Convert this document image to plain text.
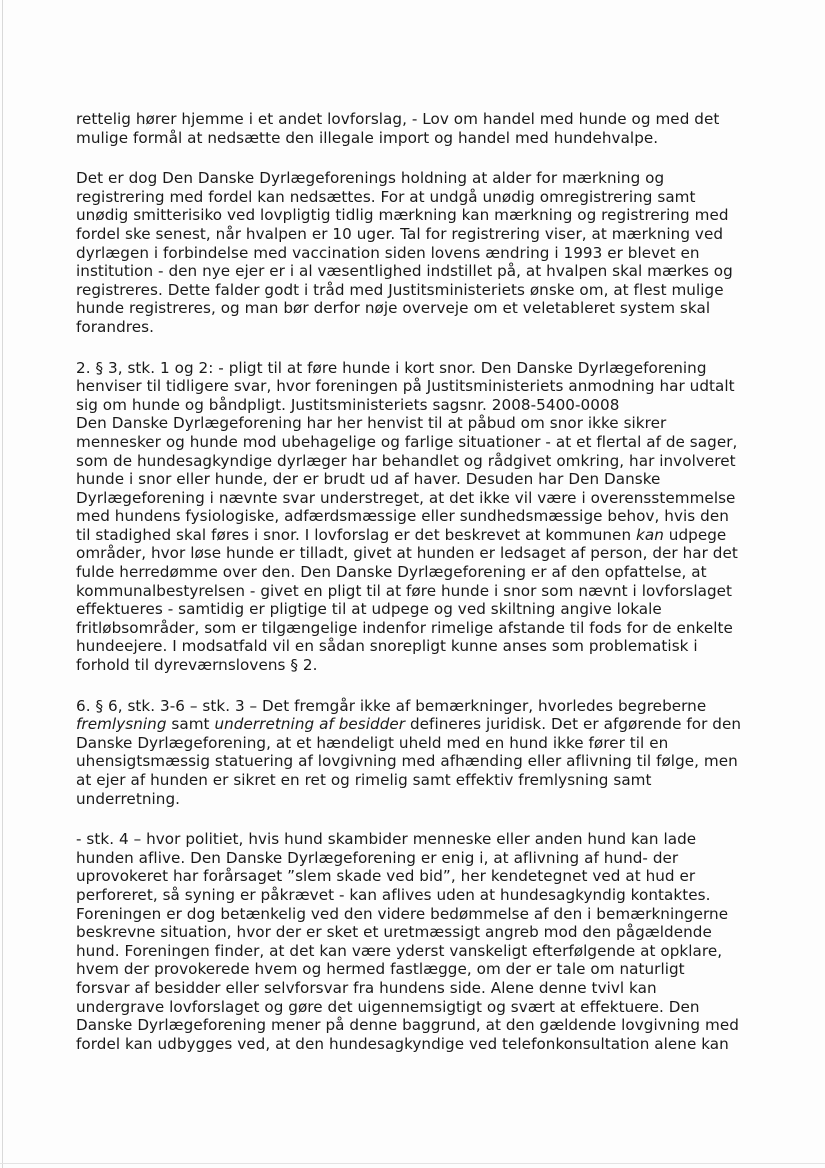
rettelig hører hjemme i et andet lovforslag, - Lov om handel med hunde og med det
mulige formål at nedsætte den illegale import og handel med hundehvalpe.
Det er dog Den Danske Dyrlægeforenings holdning at alder for mærkning og
registrering med fordel kan nedsættes. For at undgå unødig omregistrering samt
unødig smitterisiko ved lovpligtig tidlig mærkning kan mærkning og registrering med
fordel ske senest, når hvalpen er 10 uger. Tal for registrering viser, at mærkning ved
dyrlægen i forbindelse med vaccination siden lovens ændring i 1993 er blevet en
institution - den nye ejer er i al væsentlighed indstillet på, at hvalpen skal mærkes og
registreres. Dette falder godt i tråd med Justitsministeriets ønske om, at flest mulige
hunde registreres, og man bør derfor nøje overveje om et veletableret system skal
forandres.
2. § 3, stk. 1 og 2: - pligt til at føre hunde i kort snor. Den Danske Dyrlægeforening
henviser til tidligere svar, hvor foreningen på Justitsministeriets anmodning har udtalt
sig om hunde og båndpligt. Justitsministeriets sagsnr. 2008-5400-0008
Den Danske Dyrlægeforening har her henvist til at påbud om snor ikke sikrer
mennesker og hunde mod ubehagelige og farlige situationer - at et flertal af de sager,
som de hundesagkyndige dyrlæger har behandlet og rådgivet omkring, har involveret
hunde i snor eller hunde, der er brudt ud af haver. Desuden har Den Danske
Dyrlægeforening i nævnte svar understreget, at det ikke vil være i overensstemmelse
med hundens fysiologiske, adfærdsmæssige eller sundhedsmæssige behov, hvis den
til stadighed skal føres i snor. I lovforslag er det beskrevet at kommunen kan udpege
områder, hvor løse hunde er tilladt, givet at hunden er ledsaget af person, der har det
fulde herredømme over den. Den Danske Dyrlægeforening er af den opfattelse, at
kommunalbestyrelsen - givet en pligt til at føre hunde i snor som nævnt i lovforslaget
effektueres - samtidig er pligtige til at udpege og ved skiltning angive lokale
fritløbsområder, som er tilgængelige indenfor rimelige afstande til fods for de enkelte
hundeejere. I modsatfald vil en sådan snorepligt kunne anses som problematisk i
forhold til dyreværnslovens § 2.
6. § 6, stk. 3-6 – stk. 3 – Det fremgår ikke af bemærkninger, hvorledes begreberne
fremlysning samt underretning af besidder defineres juridisk. Det er afgørende for den
Danske Dyrlægeforening, at et hændeligt uheld med en hund ikke fører til en
uhensigtsmæssig statuering af lovgivning med afhænding eller aflivning til følge, men
at ejer af hunden er sikret en ret og rimelig samt effektiv fremlysning samt
underretning.
- stk. 4 – hvor politiet, hvis hund skambider menneske eller anden hund kan lade
hunden aflive. Den Danske Dyrlægeforening er enig i, at aflivning af hund- der
uprovokeret har forårsaget ”slem skade ved bid”, her kendetegnet ved at hud er
perforeret, så syning er påkrævet - kan aflives uden at hundesagkyndig kontaktes.
Foreningen er dog betænkelig ved den videre bedømmelse af den i bemærkningerne
beskrevne situation, hvor der er sket et uretmæssigt angreb mod den pågældende
hund. Foreningen finder, at det kan være yderst vanskeligt efterfølgende at opklare,
hvem der provokerede hvem og hermed fastlægge, om der er tale om naturligt
forsvar af besidder eller selvforsvar fra hundens side. Alene denne tvivl kan
undergrave lovforslaget og gøre det uigennemsigtigt og svært at effektuere. Den
Danske Dyrlægeforening mener på denne baggrund, at den gældende lovgivning med
fordel kan udbygges ved, at den hundesagkyndige ved telefonkonsultation alene kan
